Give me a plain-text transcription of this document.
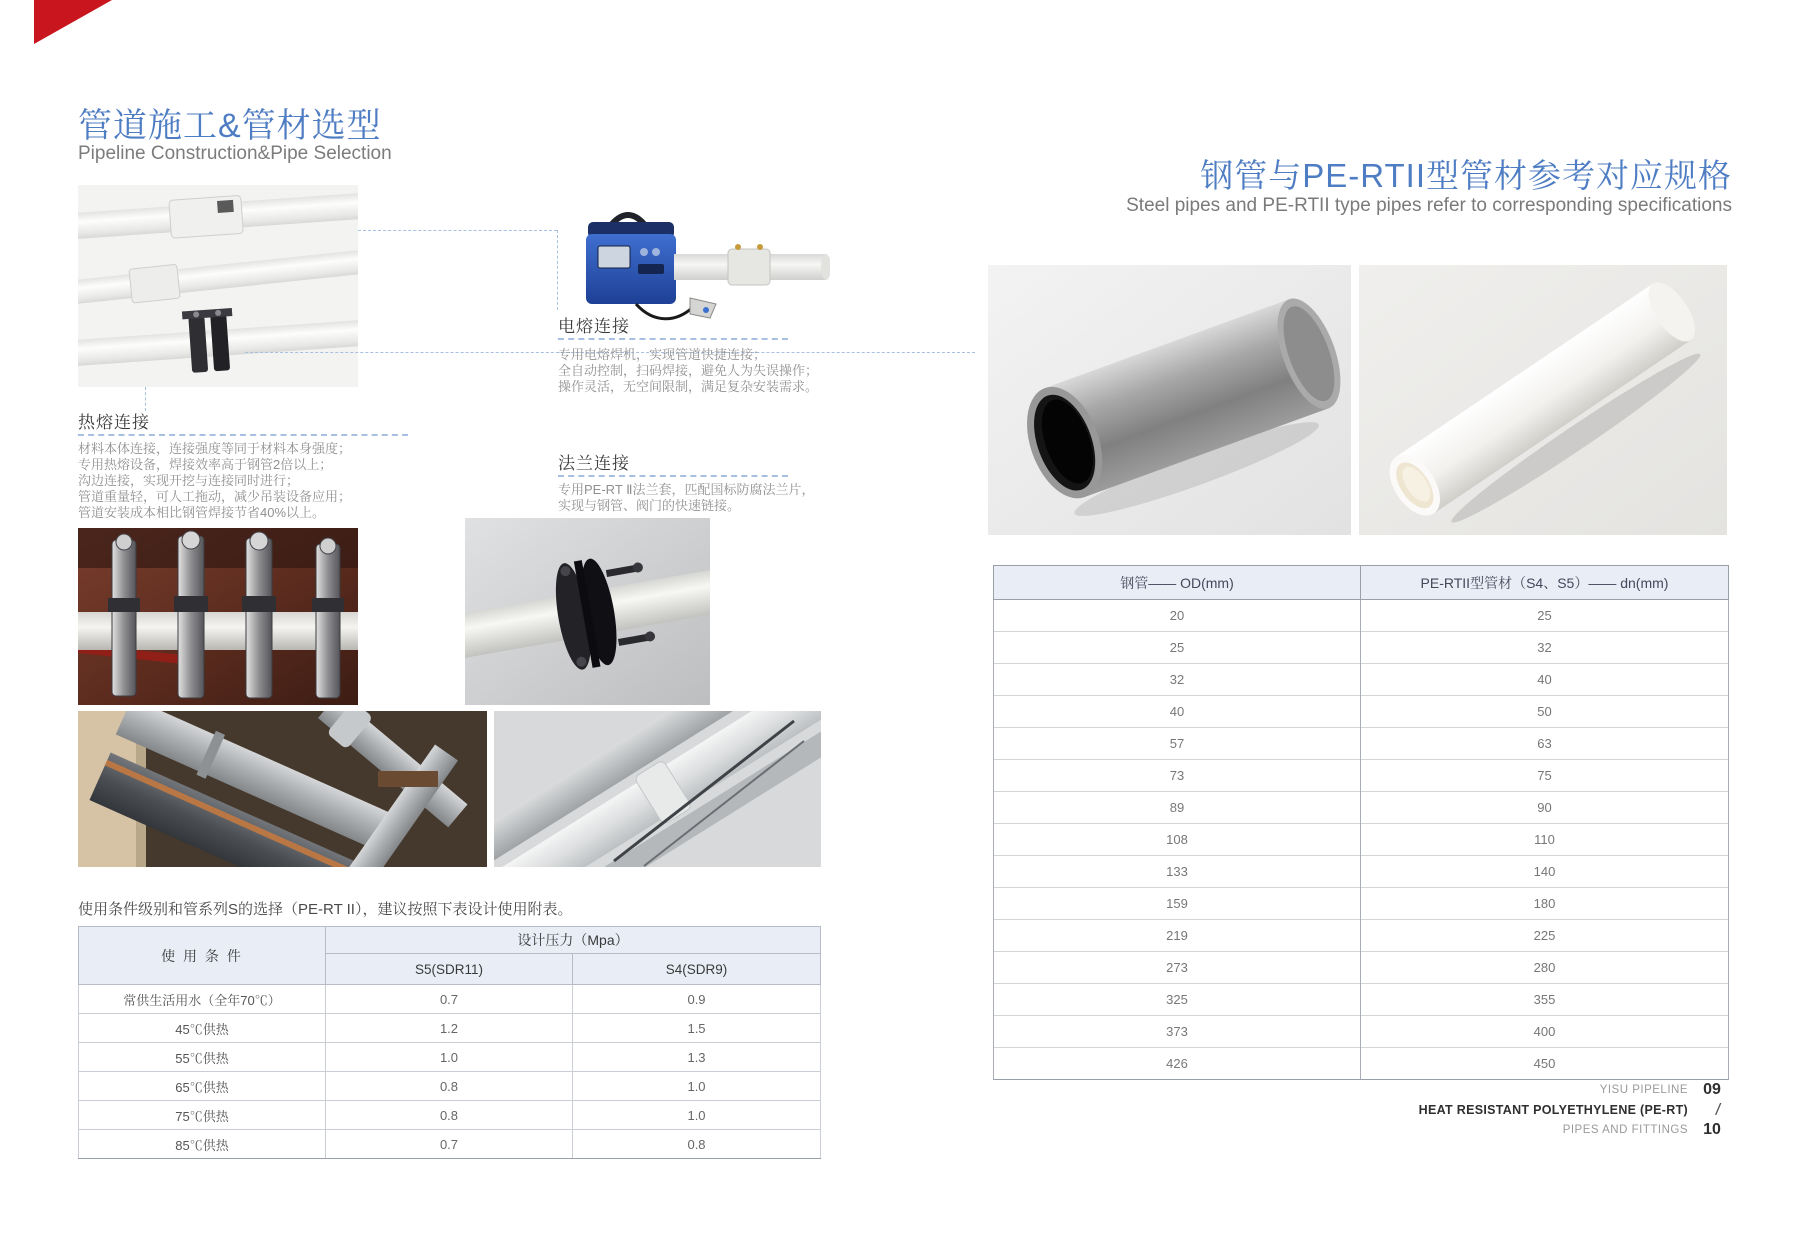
管道施工&管材选型
Pipeline Construction&Pipe Selection
热熔连接
材料本体连接，连接强度等同于材料本身强度；
专用热熔设备，焊接效率高于钢管2倍以上；
沟边连接，实现开挖与连接同时进行；
管道重量轻，可人工拖动，减少吊装设备应用；
管道安装成本相比钢管焊接节省40%以上。
电熔连接
专用电熔焊机，实现管道快捷连接；
全自动控制，扫码焊接，避免人为失误操作；
操作灵活，无空间限制，满足复杂安装需求。
法兰连接
专用PE-RT Ⅱ法兰套，匹配国标防腐法兰片，
实现与钢管、阀门的快速链接。
使用条件级别和管系列S的选择（PE-RT II），建议按照下表设计使用附表。
使 用 条 件	设计压力（Mpa）	
	S5(SDR11)	S4(SDR9)
常供生活用水（全年70℃）	0.7	0.9
45℃供热	1.2	1.5
55℃供热	1.0	1.3
65℃供热	0.8	1.0
75℃供热	0.8	1.0
85℃供热	0.7	0.8
钢管与PE-RTII型管材参考对应规格
Steel pipes and PE-RTII type pipes refer to corresponding specifications
钢管—— OD(mm)	PE-RTII型管材（S4、S5）—— dn(mm)
20	25
25	32
32	40
40	50
57	63
73	75
89	90
108	110
133	140
159	180
219	225
273	280
325	355
373	400
426	450
YISU PIPELINE 09
HEAT RESISTANT POLYETHYLENE (PE-RT)	/
PIPES AND FITTINGS 10
